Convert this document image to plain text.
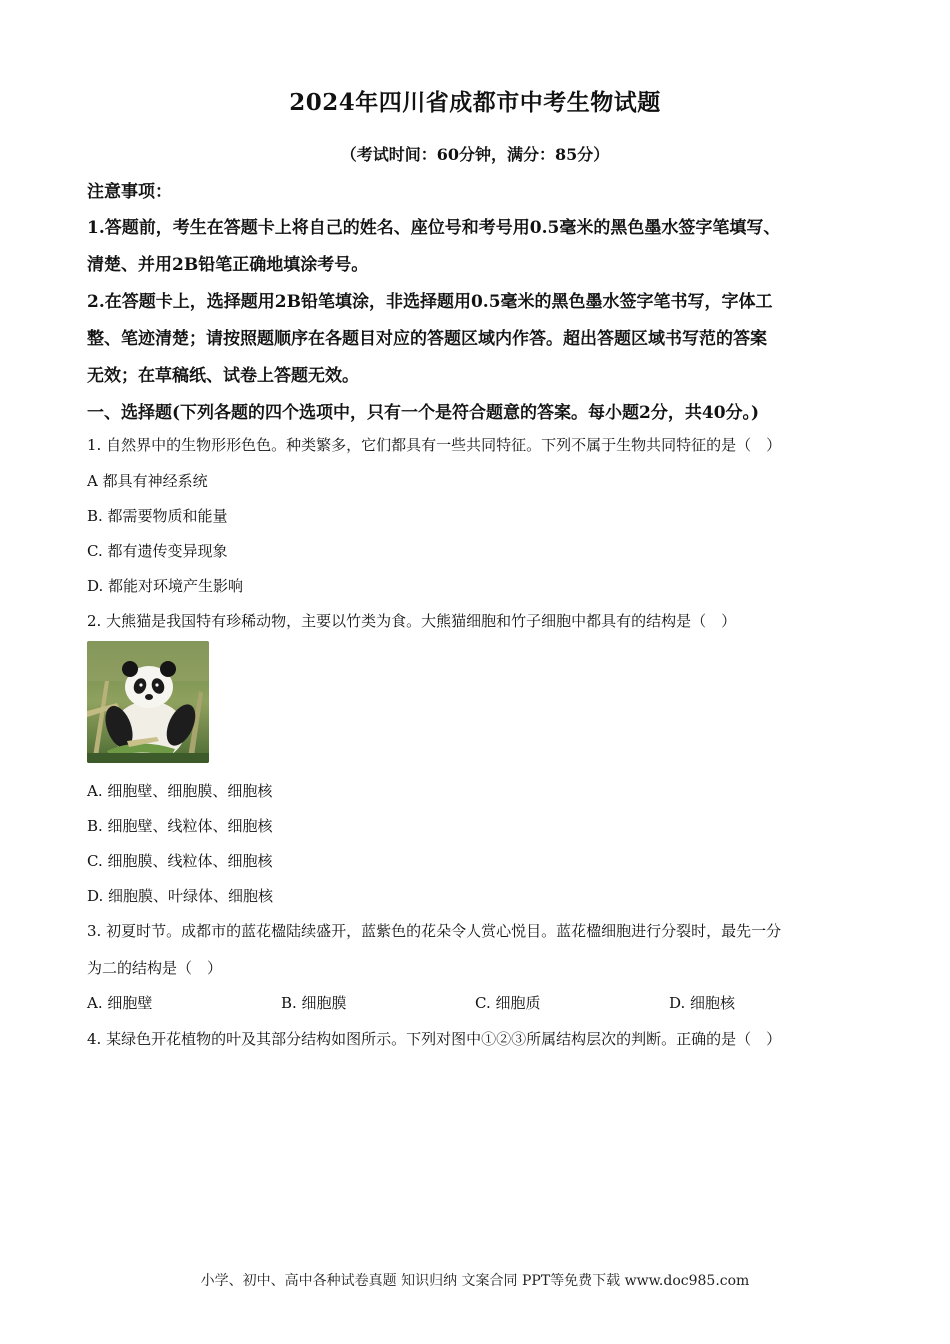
2024年四川省成都市中考生物试题
（考试时间：60分钟，满分：85分）
注意事项：
1.答题前，考生在答题卡上将自己的姓名、座位号和考号用0.5毫米的黑色墨水签字笔填写、
清楚、并用2B铅笔正确地填涂考号。
2.在答题卡上，选择题用2B铅笔填涂，非选择题用0.5毫米的黑色墨水签字笔书写，字体工
整、笔迹清楚；请按照题顺序在各题目对应的答题区域内作答。超出答题区域书写范的答案
无效；在草稿纸、试卷上答题无效。
一、选择题(下列各题的四个选项中，只有一个是符合题意的答案。每小题2分，共40分。)
1. 自然界中的生物形形色色。种类繁多，它们都具有一些共同特征。下列不属于生物共同特征的是（　）
A 都具有神经系统
B. 都需要物质和能量
C. 都有遗传变异现象
D. 都能对环境产生影响
2. 大熊猫是我国特有珍稀动物，主要以竹类为食。大熊猫细胞和竹子细胞中都具有的结构是（　）
A. 细胞壁、细胞膜、细胞核
B. 细胞壁、线粒体、细胞核
C. 细胞膜、线粒体、细胞核
D. 细胞膜、叶绿体、细胞核
3. 初夏时节。成都市的蓝花楹陆续盛开，蓝紫色的花朵令人赏心悦目。蓝花楹细胞进行分裂时，最先一分
为二的结构是（　）
A. 细胞壁	B. 细胞膜	C. 细胞质	D. 细胞核
4. 某绿色开花植物的叶及其部分结构如图所示。下列对图中①②③所属结构层次的判断。正确的是（　）
小学、初中、高中各种试卷真题 知识归纳 文案合同 PPT等免费下载 www.doc985.com
